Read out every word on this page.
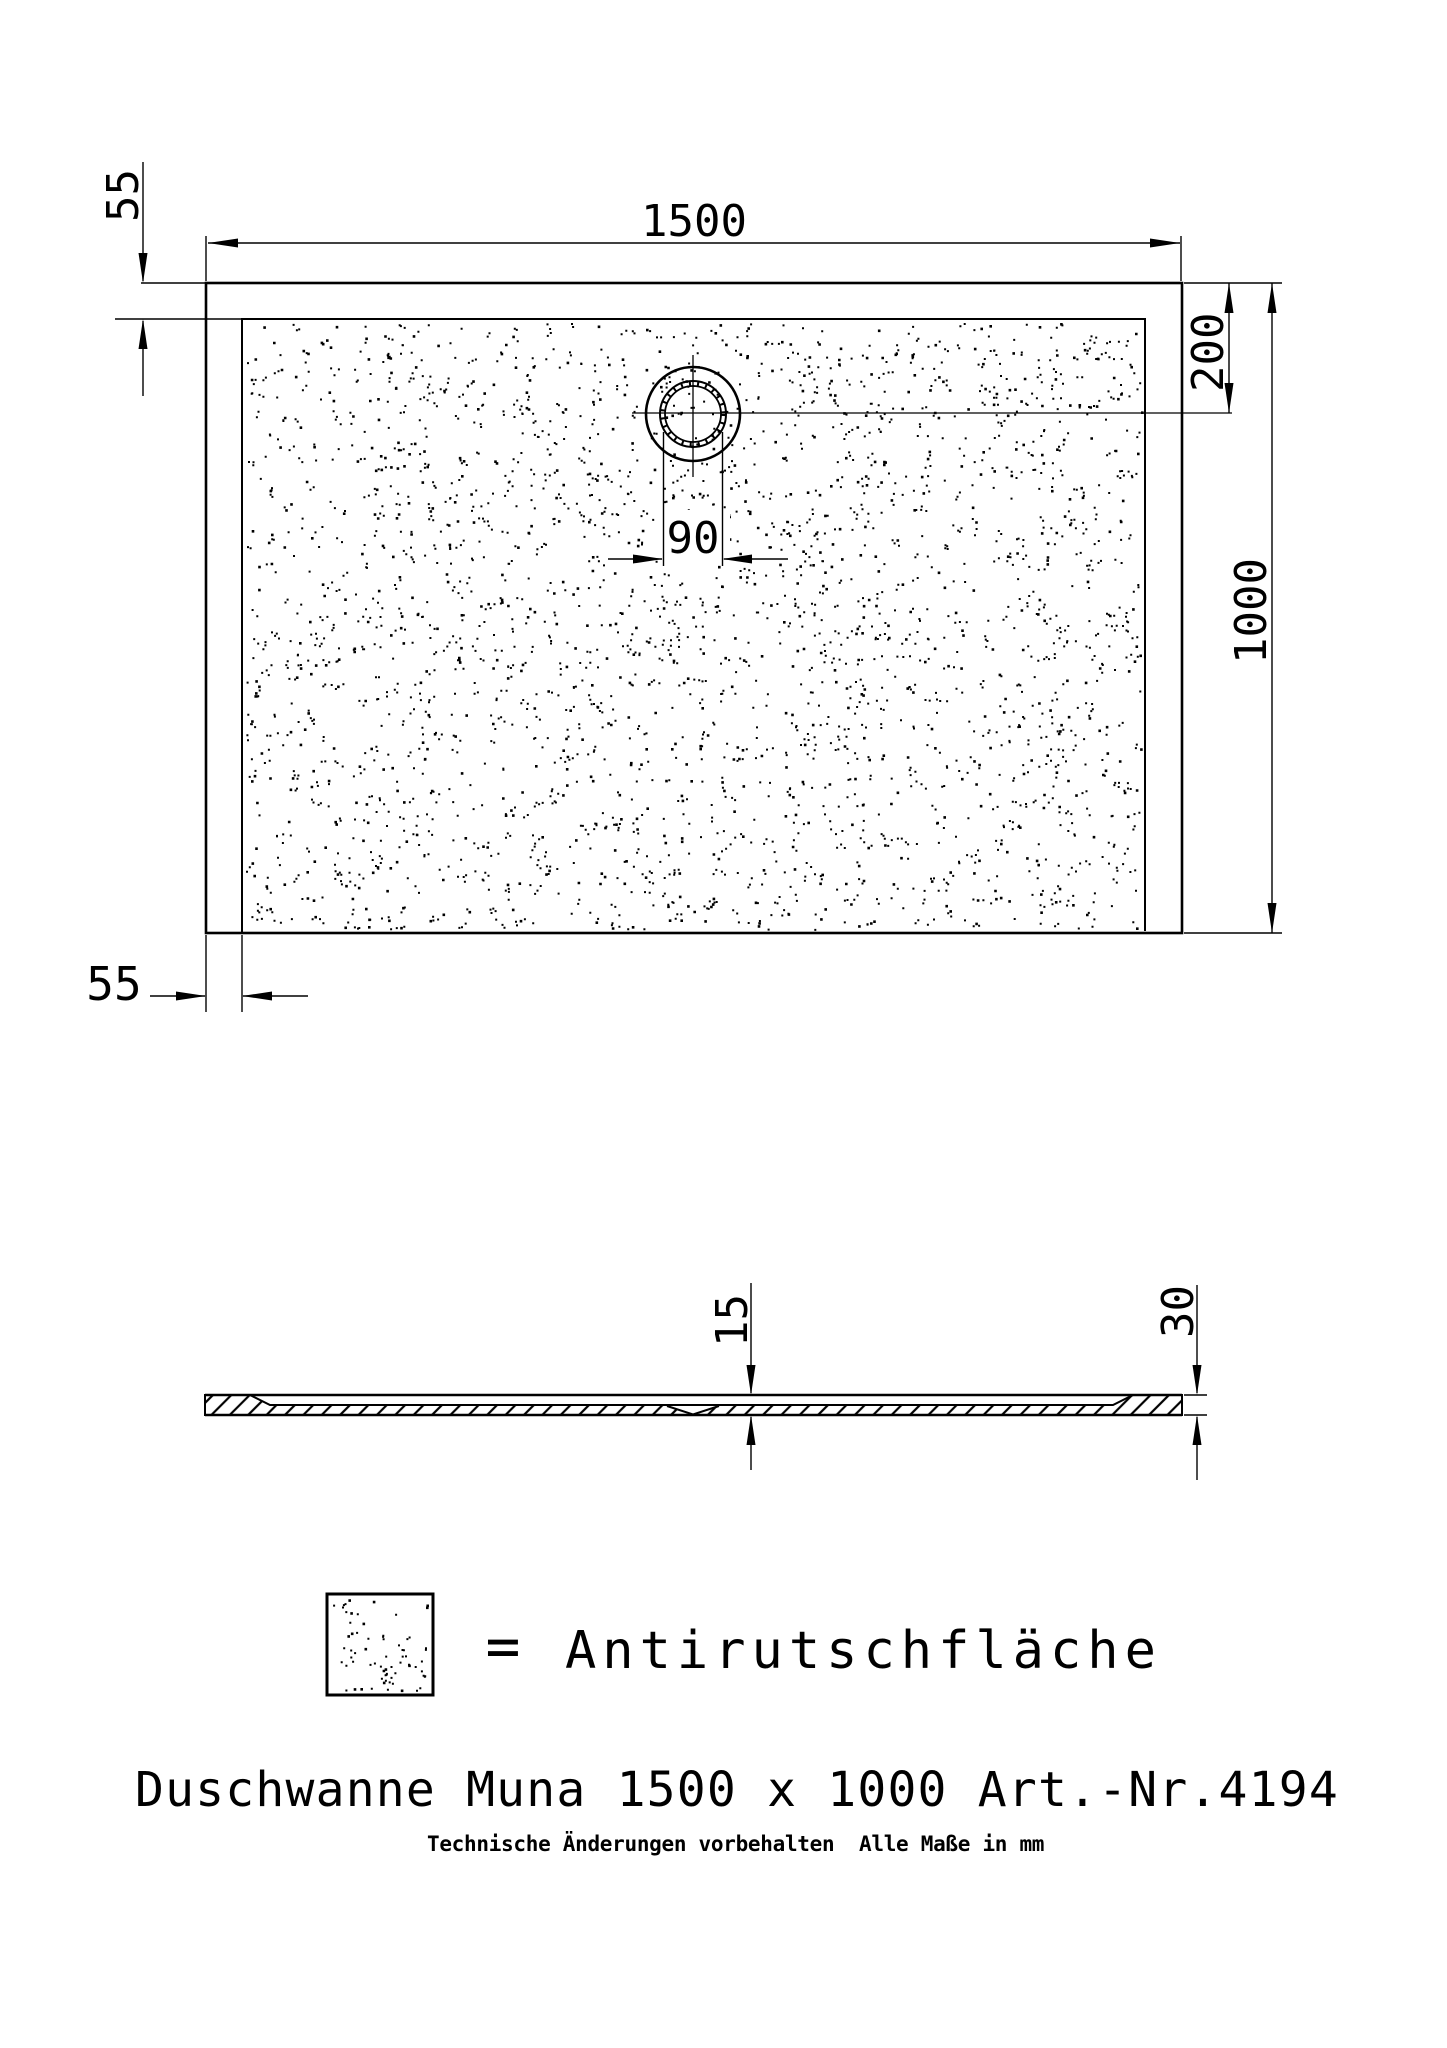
1500
55
200
1000
90
55
15	30
= Antirutschfläche
Duschwanne Muna 1500 x 1000 Art.-Nr.4194
Technische Änderungen vorbehalten  Alle Maße in mm
